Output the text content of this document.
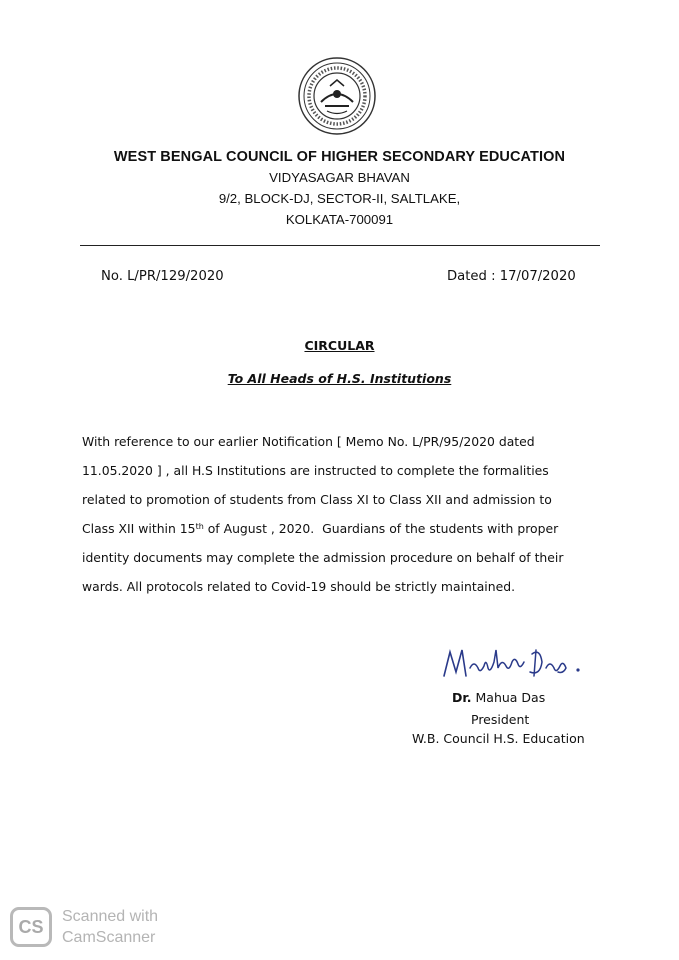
WEST BENGAL COUNCIL OF HIGHER SECONDARY EDUCATION
VIDYASAGAR BHAVAN
9/2, BLOCK-DJ, SECTOR-II, SALTLAKE,
KOLKATA-700091
No. L/PR/129/2020	Dated : 17/07/2020
CIRCULAR
To All Heads of H.S. Institutions
With reference to our earlier Notification [ Memo No. L/PR/95/2020 dated
11.05.2020 ] , all H.S Institutions are instructed to complete the formalities
related to promotion of students from Class XI to Class XII and admission to
Class XII within 15th of August , 2020.  Guardians of the students with proper
identity documents may complete the admission procedure on behalf of their
wards. All protocols related to Covid-19 should be strictly maintained.
Dr. Mahua Das
President
W.B. Council H.S. Education
CS
Scanned with
CamScanner
